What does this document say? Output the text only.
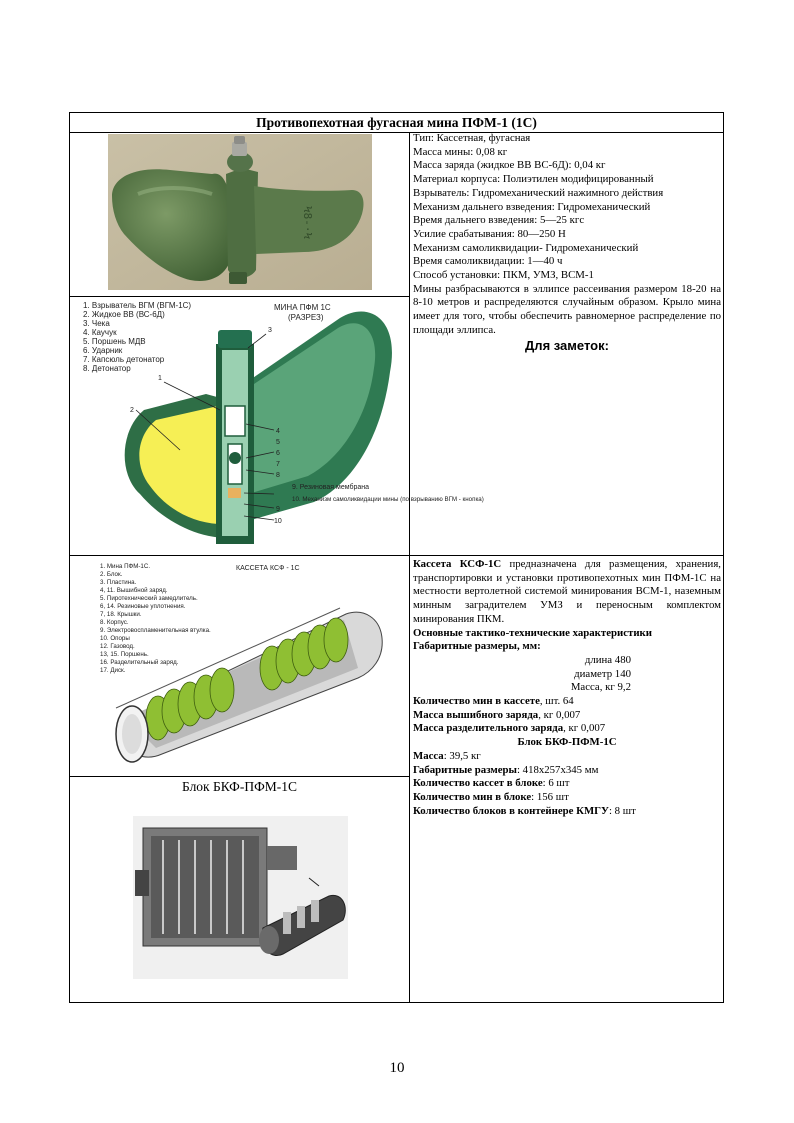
Противопехотная фугасная мина ПФМ-1 (1С)
Ϟ8-·Ϟ
1. Взрыватель ВГМ (ВГМ-1С)
2. Жидкое ВВ (ВС-6Д)
3. Чека
4. Каучук
5. Поршень МДВ
6. Ударник
7. Капсюль детонатор
8. Детонатор
МИНА ПФМ 1С
(РАЗРЕЗ)
9. Резиновая мембрана
10. Механизм самоликвидации мины (по взрыванию ВГМ - кнопка)
1
2
3
4
5
6
7
8
9
10
1. Мина ПФМ-1С.
2. Блок.
3. Пластина.
4, 11. Вышибной заряд.
5. Пиротехнический замедлитель.
6, 14. Резиновые уплотнения.
7, 18. Крышки.
8. Корпус.
9. Электровоспламенительная втулка.
10. Опоры
12. Газовод.
13, 15. Поршень.
16. Разделительный заряд.
17. Диск.
КАССЕТА КСФ - 1С
Блок БКФ-ПФМ-1С

Тип: Кассетная, фугасная

Масса мины: 0,08 кг

Масса заряда (жидкое ВВ ВС-6Д): 0,04 кг

Материал корпуса: Полиэтилен модифицированный

Взрыватель: Гидромеханический нажимного действия

Механизм дальнего взведения: Гидромеханический

Время дальнего взведения: 5—25 кгс

Усилие срабатывания: 80—250 Н

Механизм самоликвидации- Гидромеханический

Время самоликвидации: 1—40 ч

Способ установки: ПКМ, УМЗ, ВСМ-1

Мины разбрасываются в эллипсе рассеивания размером 18-20 на 8-10 метров и распределяются случайным образом. Крыло мина имеет для того, чтобы обеспечить равномерное распределение по площади эллипса.

Для заметок:

Кассета КСФ-1С предназначена для размещения, хранения, транспортировки и установки противопехотных мин ПФМ-1С на местности вертолетной системой минирования ВСМ-1, наземным минным заградителем УМЗ и переносным комплектом минирования ПКМ.

Основные тактико-технические характеристики

Габаритные размеры, мм:

длина 480

диаметр 140

Масса, кг 9,2

Количество мин в кассете, шт. 64

Масса вышибного заряда, кг 0,007

Масса разделительного заряда, кг 0,007

Блок БКФ-ПФМ-1С

Масса: 39,5 кг

Габаритные размеры: 418x257x345 мм

Количество кассет в блоке: 6 шт

Количество мин в блоке: 156 шт

Количество блоков в контейнере КМГУ: 8 шт

10
